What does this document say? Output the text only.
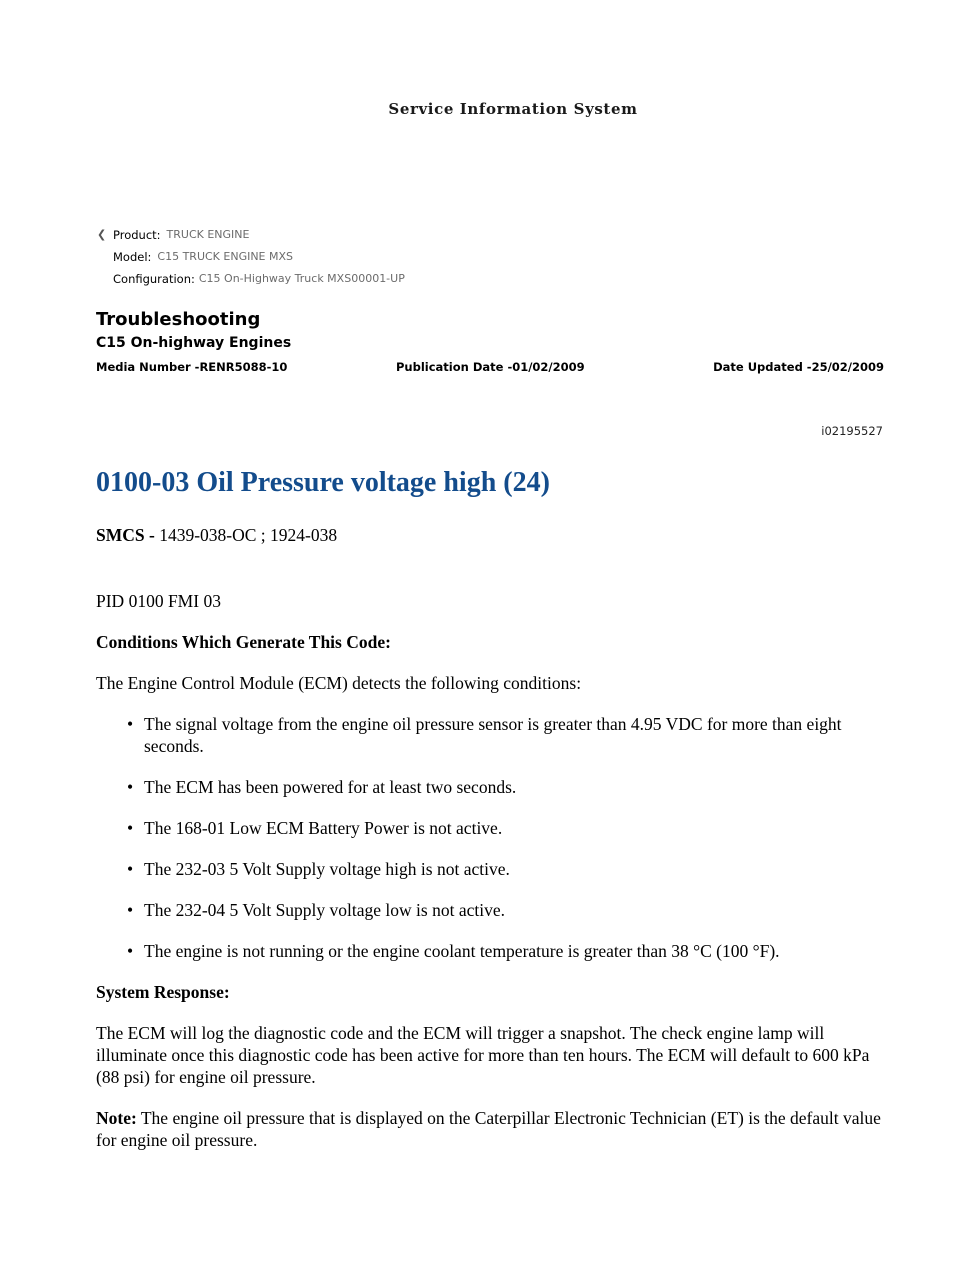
Service Information System
❮ Product: TRUCK ENGINE
Model: C15 TRUCK ENGINE MXS
Configuration: C15 On-Highway Truck MXS00001-UP
Troubleshooting
C15 On-highway Engines
Media Number -RENR5088-10	Publication Date -01/02/2009	Date Updated -25/02/2009
i02195527
0100-03 Oil Pressure voltage high (24)

SMCS - 1439-038-OC ; 1924-038

PID 0100 FMI 03

Conditions Which Generate This Code:

The Engine Control Module (ECM) detects the following conditions:

• The signal voltage from the engine oil pressure sensor is greater than 4.95 VDC for more than eight seconds.
• The ECM has been powered for at least two seconds.
• The 168-01 Low ECM Battery Power is not active.
• The 232-03 5 Volt Supply voltage high is not active.
• The 232-04 5 Volt Supply voltage low is not active.
• The engine is not running or the engine coolant temperature is greater than 38 °C (100 °F).

System Response:

The ECM will log the diagnostic code and the ECM will trigger a snapshot. The check engine lamp will illuminate once this diagnostic code has been active for more than ten hours. The ECM will default to 600 kPa (88 psi) for engine oil pressure.

Note: The engine oil pressure that is displayed on the Caterpillar Electronic Technician (ET) is the default value for engine oil pressure.
